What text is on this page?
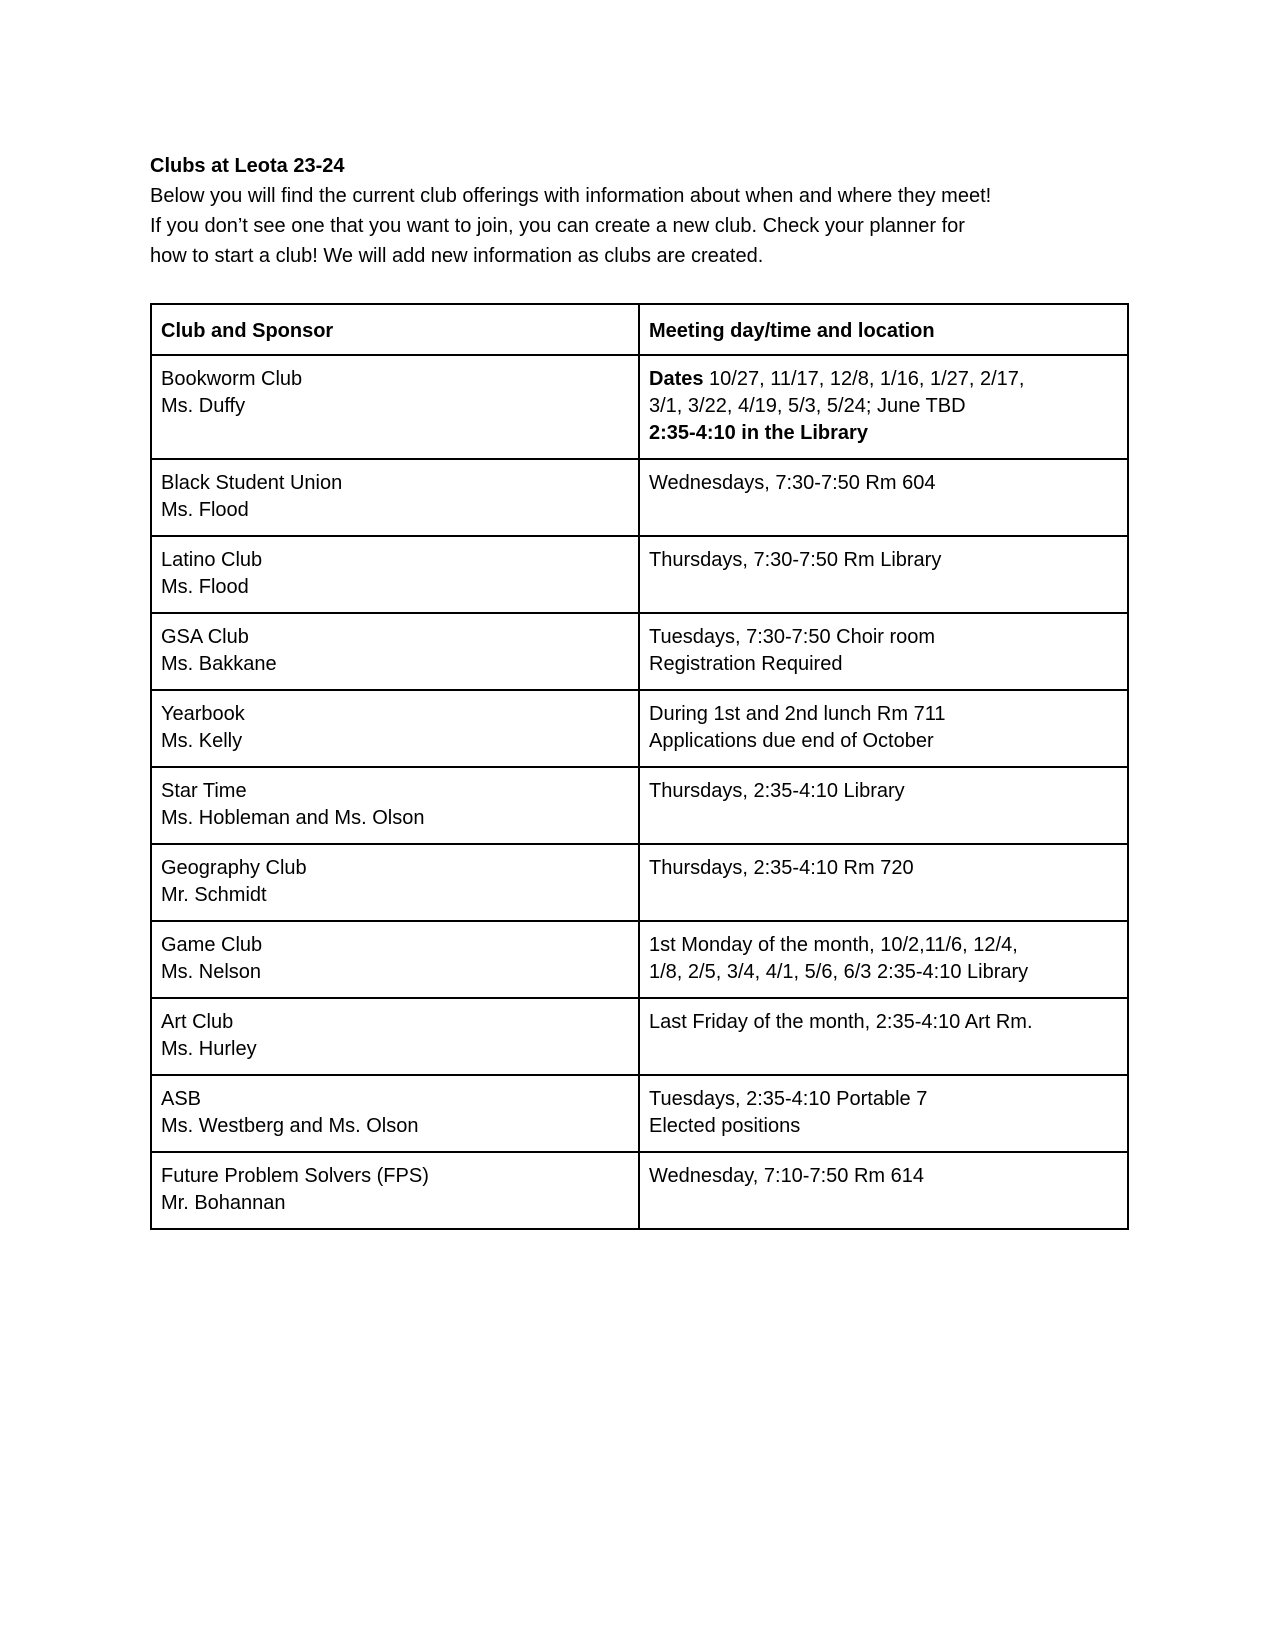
Clubs at Leota 23-24

Below you will find the current club offerings with information about when and where they meet!

If you don’t see one that you want to join, you can create a new club. Check your planner for

how to start a club! We will add new information as clubs are created.

Club and Sponsor	Meeting day/time and location

Bookworm Club
Ms. Duffy	Dates 10/27, 11/17, 12/8, 1/16, 1/27, 2/17,
3/1, 3/22, 4/19, 5/3, 5/24; June TBD
2:35-4:10 in the Library

Black Student Union
Ms. Flood	Wednesdays, 7:30-7:50 Rm 604

Latino Club
Ms. Flood	Thursdays, 7:30-7:50 Rm Library

GSA Club
Ms. Bakkane	Tuesdays, 7:30-7:50 Choir room
Registration Required

Yearbook
Ms. Kelly	During 1st and 2nd lunch Rm 711
Applications due end of October

Star Time
Ms. Hobleman and Ms. Olson	Thursdays, 2:35-4:10 Library

Geography Club
Mr. Schmidt	Thursdays, 2:35-4:10 Rm 720

Game Club
Ms. Nelson	1st Monday of the month, 10/2,11/6, 12/4,
1/8, 2/5, 3/4, 4/1, 5/6, 6/3 2:35-4:10 Library

Art Club
Ms. Hurley	Last Friday of the month, 2:35-4:10 Art Rm.

ASB
Ms. Westberg and Ms. Olson	Tuesdays, 2:35-4:10 Portable 7
Elected positions

Future Problem Solvers (FPS)
Mr. Bohannan	Wednesday, 7:10-7:50 Rm 614
